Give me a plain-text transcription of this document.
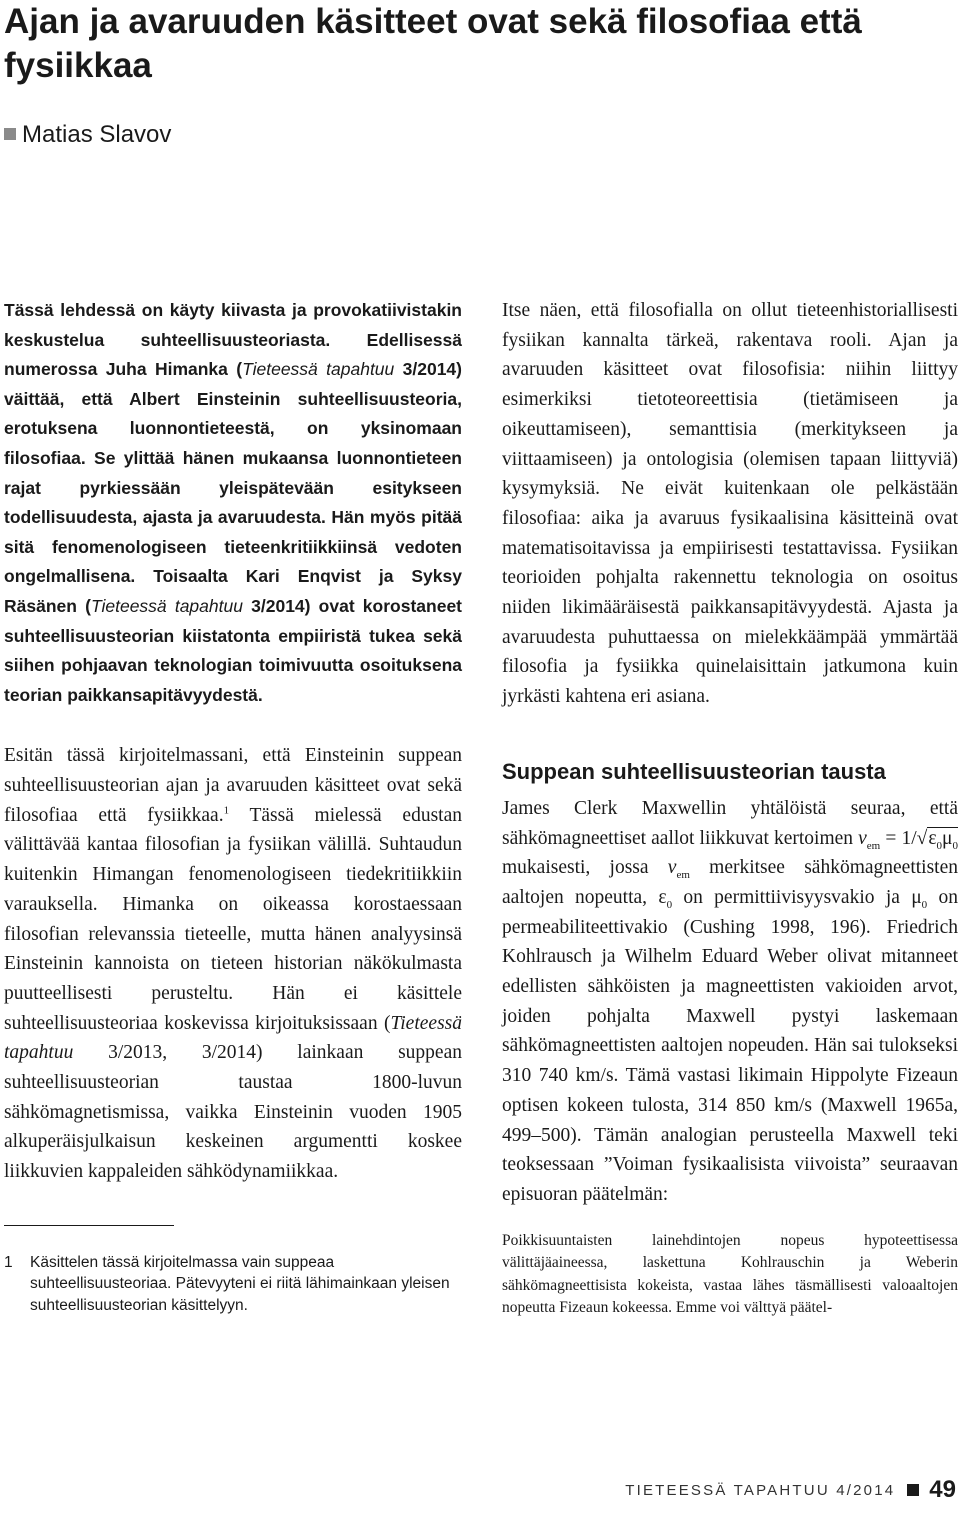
Ajan ja avaruuden käsitteet ovat sekä filosofiaa että fysiikkaa
Matias Slavov

Tässä lehdessä on käyty kiivasta ja provokatiivistakin keskustelua suhteellisuusteoriasta. Edellisessä numerossa Juha Himanka (Tieteessä tapahtuu 3/2014) väittää, että Albert Einsteinin suhteellisuusteoria, erotuksena luonnontieteestä, on yksinomaan filosofiaa. Se ylittää hänen mukaansa luonnontieteen rajat pyrkiessään yleispätevään esitykseen todellisuudesta, ajasta ja avaruudesta. Hän myös pitää sitä fenomenologiseen tieteenkritiikkiinsä vedoten ongelmallisena. Toisaalta Kari Enqvist ja Syksy Räsänen (Tieteessä tapahtuu 3/2014) ovat korostaneet suhteellisuusteorian kiistatonta empiiristä tukea sekä siihen pohjaavan teknologian toimivuutta osoituksena teorian paikkansapitävyydestä.

Esitän tässä kirjoitelmassani, että Einsteinin suppean suhteellisuusteorian ajan ja avaruuden käsitteet ovat sekä filosofiaa että fysiikkaa.$^1$ Tässä mielessä edustan välittävää kantaa filosofian ja fysiikan välillä. Suhtaudun kuitenkin Himangan fenomenologiseen tiedekritiikkiin varauksella. Himanka on oikeassa korostaessaan filosofian relevanssia tieteelle, mutta hänen analyysinsä Einsteinin kannoista on tieteen historian näkökulmasta puutteellisesti perusteltu. Hän ei käsittele suhteellisuusteoriaa koskevissa kirjoituksissaan (Tieteessä tapahtuu 3/2013, 3/2014) lainkaan suppean suhteellisuusteorian taustaa 1800-luvun sähkömagnetismissa, vaikka Einsteinin vuoden 1905 alkuperäisjulkaisun keskeinen argumentti koskee liikkuvien kappaleiden sähködynamiikkaa.

1 Käsittelen tässä kirjoitelmassa vain suppeaa suhteellisuusteoriaa. Pätevyyteni ei riitä lähimainkaan yleisen suhteellisuusteorian käsittelyyn.

Itse näen, että filosofialla on ollut tieteenhistoriallisesti fysiikan kannalta tärkeä, rakentava rooli. Ajan ja avaruuden käsitteet ovat filosofisia: niihin liittyy esimerkiksi tietoteoreettisia (tietämiseen ja oikeuttamiseen), semanttisia (merkitykseen ja viittaamiseen) ja ontologisia (olemisen tapaan liittyviä) kysymyksiä. Ne eivät kuitenkaan ole pelkästään filosofiaa: aika ja avaruus fysikaalisina käsitteinä ovat matematisoitavissa ja empiirisesti testattavissa. Fysiikan teorioiden pohjalta rakennettu teknologia on osoitus niiden likimääräisestä paikkansapitävyydestä. Ajasta ja avaruudesta puhuttaessa on mielekkäämpää ymmärtää filosofia ja fysiikka quinelaisittain jatkumona kuin jyrkästi kahtena eri asiana.

Suppean suhteellisuusteorian tausta

James Clerk Maxwellin yhtälöistä seuraa, että sähkömagneettiset aallot liikkuvat kertoimen $\nu_{em} = 1/√\varepsilon_0\mu_0$ mukaisesti, jossa $\nu_{em}$ merkitsee sähkömagneettisten aaltojen nopeutta, $\varepsilon_0$ on permittiivisyysvakio ja $\mu_0$ on permeabiliteettivakio (Cushing 1998, 196). Friedrich Kohlrausch ja Wilhelm Eduard Weber olivat mitanneet edellisten sähköisten ja magneettisten vakioiden arvot, joiden pohjalta Maxwell pystyi laskemaan sähkömagneettisten aaltojen nopeuden. Hän sai tulokseksi 310 740 km/s. Tämä vastasi likimain Hippolyte Fizeaun optisen kokeen tulosta, 314 850 km/s (Maxwell 1965a, 499–500). Tämän analogian perusteella Maxwell teki teoksessaan ”Voiman fysikaalisista viivoista” seuraavan episuoran päätelmän:

Poikkisuuntaisten lainehdintojen nopeus hypoteettisessa välittäjäaineessa, laskettuna Kohlrauschin ja Weberin sähkömagneettisista kokeista, vastaa lähes täsmällisesti valoaaltojen nopeutta Fizeaun kokeessa. Emme voi välttyä päätel-
TIETEESSÄ TAPAHTUU 4/2014 49
